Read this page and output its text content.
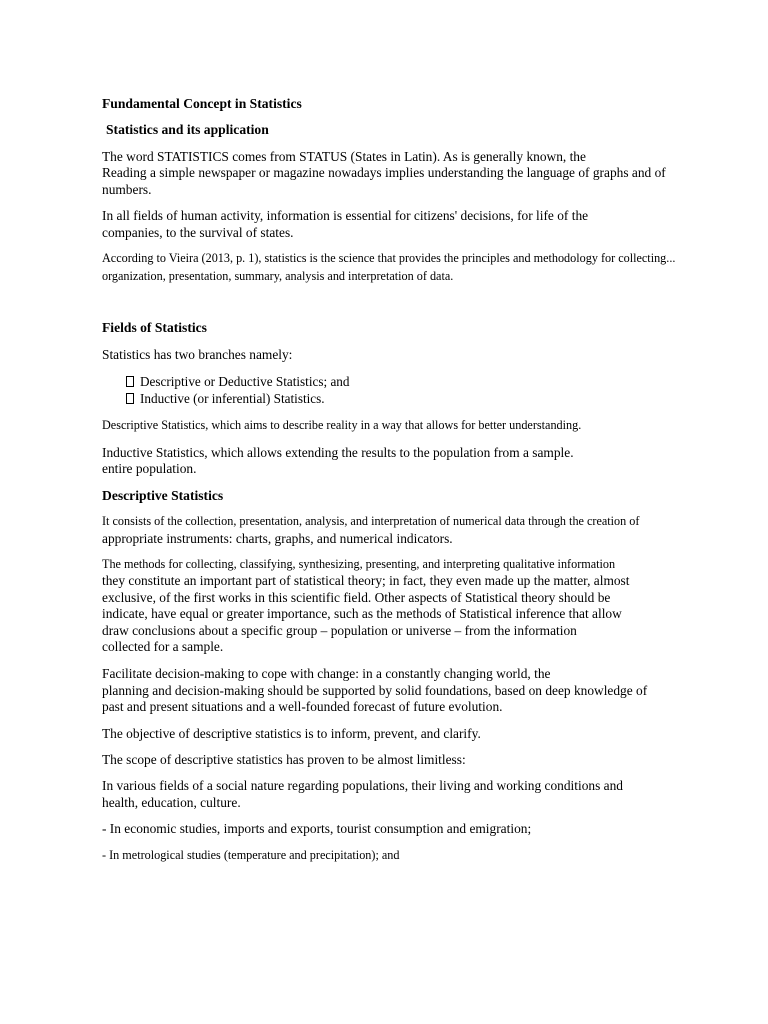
Fundamental Concept in Statistics
Statistics and its application
The word STATISTICS comes from STATUS (States in Latin). As is generally known, the
Reading a simple newspaper or magazine nowadays implies understanding the language of graphs and of
numbers.
In all fields of human activity, information is essential for citizens' decisions, for life of the
companies, to the survival of states.
According to Vieira (2013, p. 1), statistics is the science that provides the principles and methodology for collecting...
organization, presentation, summary, analysis and interpretation of data.
Fields of Statistics
Statistics has two branches namely:
Descriptive or Deductive Statistics; and
Inductive (or inferential) Statistics.
Descriptive Statistics, which aims to describe reality in a way that allows for better understanding.
Inductive Statistics, which allows extending the results to the population from a sample.
entire population.
Descriptive Statistics
It consists of the collection, presentation, analysis, and interpretation of numerical data through the creation of
appropriate instruments: charts, graphs, and numerical indicators.
The methods for collecting, classifying, synthesizing, presenting, and interpreting qualitative information
they constitute an important part of statistical theory; in fact, they even made up the matter, almost
exclusive, of the first works in this scientific field. Other aspects of Statistical theory should be
indicate, have equal or greater importance, such as the methods of Statistical inference that allow
draw conclusions about a specific group – population or universe – from the information
collected for a sample.
Facilitate decision-making to cope with change: in a constantly changing world, the
planning and decision-making should be supported by solid foundations, based on deep knowledge of
past and present situations and a well-founded forecast of future evolution.
The objective of descriptive statistics is to inform, prevent, and clarify.
The scope of descriptive statistics has proven to be almost limitless:
In various fields of a social nature regarding populations, their living and working conditions and
health, education, culture.
- In economic studies, imports and exports, tourist consumption and emigration;
- In metrological studies (temperature and precipitation); and
